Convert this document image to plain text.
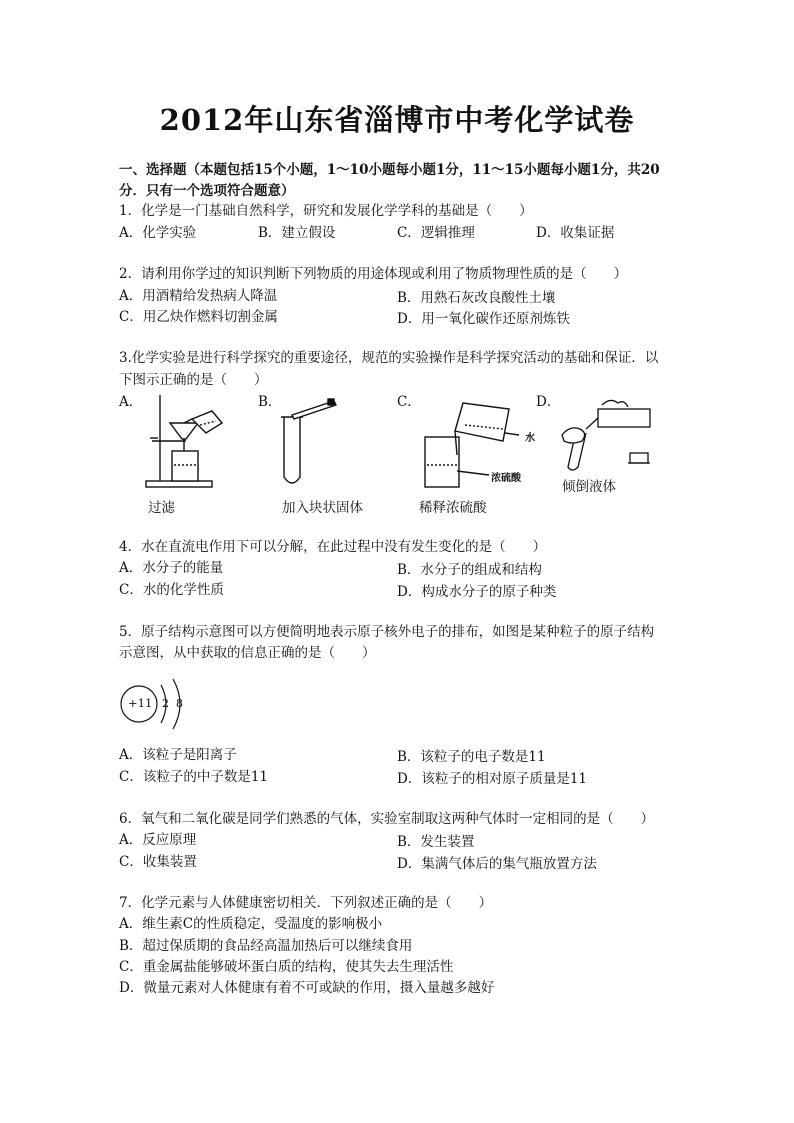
2012年山东省淄博市中考化学试卷
一、选择题（本题包括15个小题，1～10小题每小题1分，11～15小题每小题1分，共20
分．只有一个选项符合题意）
1．化学是一门基础自然科学，研究和发展化学学科的基础是（　　）
A．化学实验	B．建立假设	C．逻辑推理	D．收集证据
2．请利用你学过的知识判断下列物质的用途体现或利用了物质物理性质的是（　　）
A．用酒精给发热病人降温	B．用熟石灰改良酸性土壤
C．用乙炔作燃料切割金属	D．用一氧化碳作还原剂炼铁
3.化学实验是进行科学探究的重要途径，规范的实验操作是科学探究活动的基础和保证．以
下图示正确的是（　　）
A．	B．	C．	D．
过滤	加入块状固体
水
浓硫酸
稀释浓硫酸
倾倒液体
4．水在直流电作用下可以分解，在此过程中没有发生变化的是（　　）
A．水分子的能量	B．水分子的组成和结构
C．水的化学性质	D．构成水分子的原子种类
5．原子结构示意图可以方便简明地表示原子核外电子的排布，如图是某种粒子的原子结构
示意图，从中获取的信息正确的是（　　）
+11 2 8
A．该粒子是阳离子	B．该粒子的电子数是11
C．该粒子的中子数是11	D．该粒子的相对原子质量是11
6．氧气和二氧化碳是同学们熟悉的气体，实验室制取这两种气体时一定相同的是（　　）
A．反应原理	B．发生装置
C．收集装置	D．集满气体后的集气瓶放置方法
7．化学元素与人体健康密切相关．下列叙述正确的是（　　）
A．维生素C的性质稳定，受温度的影响极小
B．超过保质期的食品经高温加热后可以继续食用
C．重金属盐能够破坏蛋白质的结构，使其失去生理活性
D．微量元素对人体健康有着不可或缺的作用，摄入量越多越好
